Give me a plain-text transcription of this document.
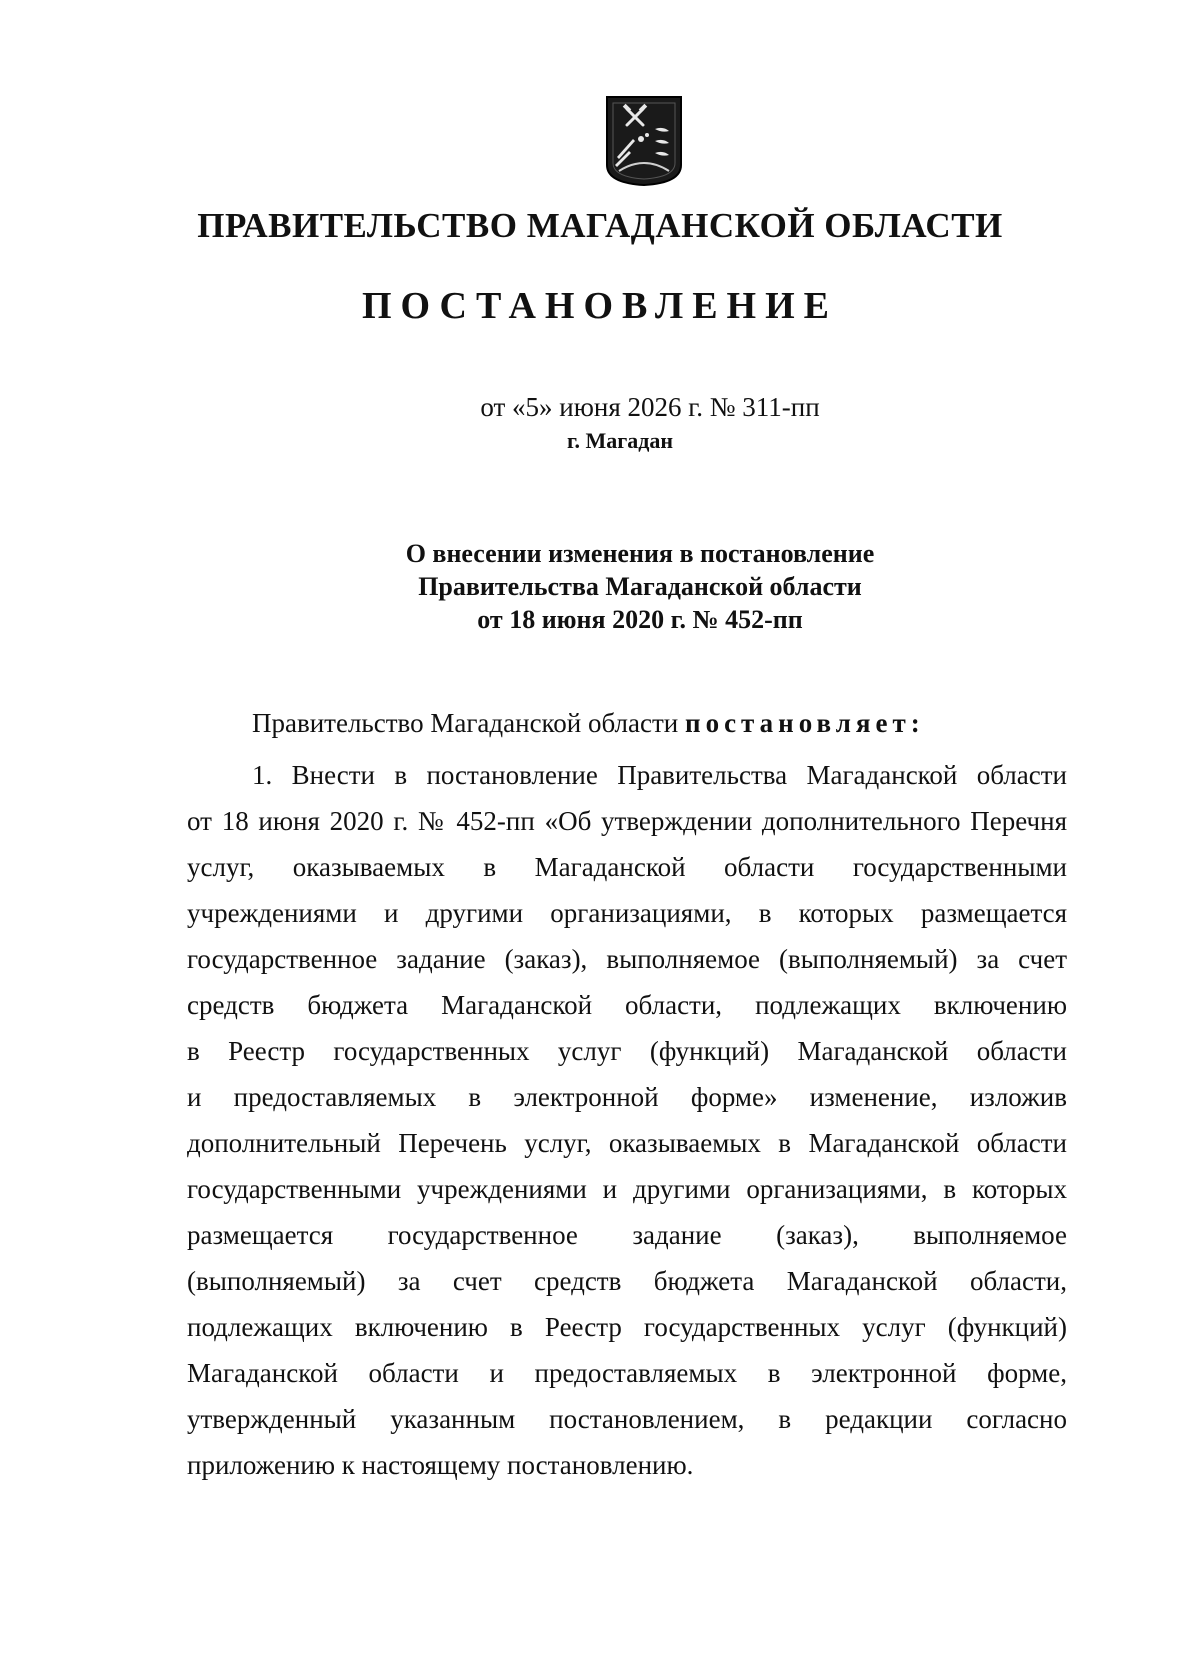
ПРАВИТЕЛЬСТВО МАГАДАНСКОЙ ОБЛАСТИ
ПОСТАНОВЛЕНИЕ
от «5» июня 2026 г. № 311-пп
г. Магадан
О внесении изменения в постановление
Правительства Магаданской области
от 18 июня 2020 г. № 452-пп
Правительство Магаданской области постановляет:
1. Внести в постановление Правительства Магаданской области
от 18 июня 2020 г. № 452-пп «Об утверждении дополнительного Перечня
услуг, оказываемых в Магаданской области государственными
учреждениями и другими организациями, в которых размещается
государственное задание (заказ), выполняемое (выполняемый) за счет
средств бюджета Магаданской области, подлежащих включению
в Реестр государственных услуг (функций) Магаданской области
и предоставляемых в электронной форме» изменение, изложив
дополнительный Перечень услуг, оказываемых в Магаданской области
государственными учреждениями и другими организациями, в которых
размещается государственное задание (заказ), выполняемое
(выполняемый) за счет средств бюджета Магаданской области,
подлежащих включению в Реестр государственных услуг (функций)
Магаданской области и предоставляемых в электронной форме,
утвержденный указанным постановлением, в редакции согласно
приложению к настоящему постановлению.
